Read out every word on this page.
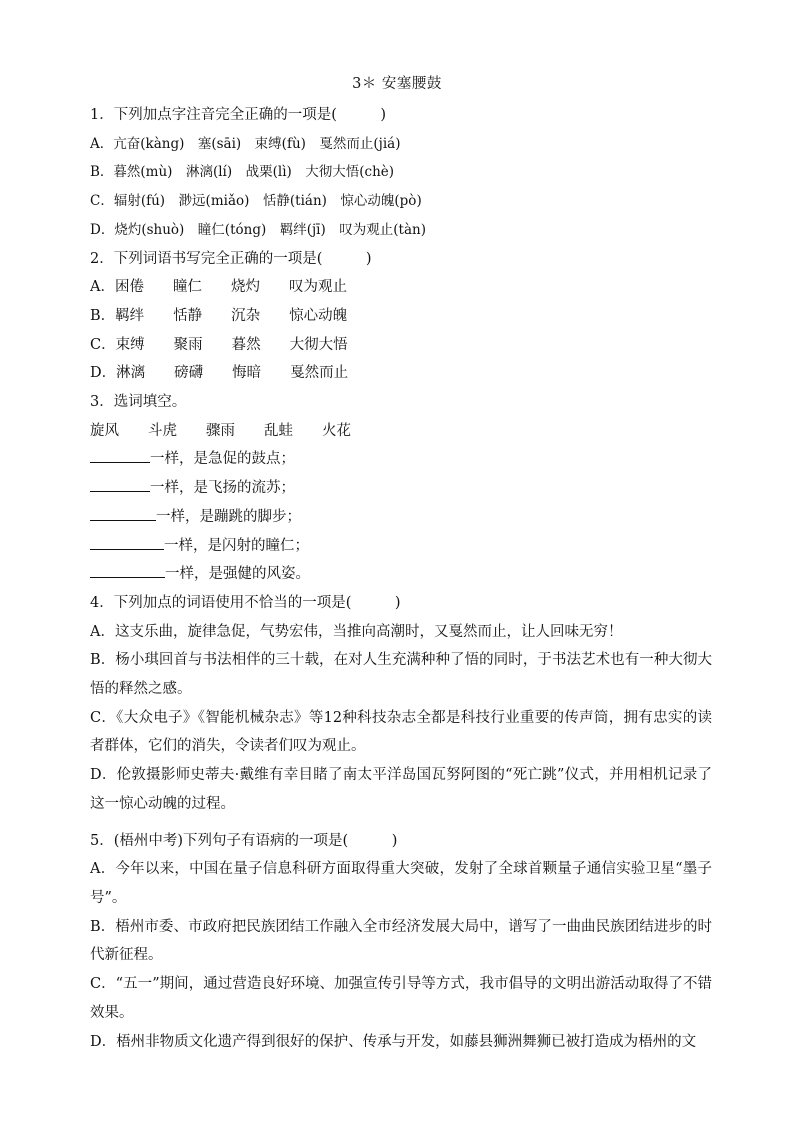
3＊ 安塞腰鼓
1．下列加点字注音完全正确的一项是(　　　)
A．亢奋(kàng)　塞(sāi)　束缚(fù)　戛然而止(jiá)
B．暮然(mù)　淋漓(lí)　战栗(lì)　大彻大悟(chè)
C．辐射(fú)　渺远(miǎo)　恬静(tián)　惊心动魄(pò)
D．烧灼(shuò)　瞳仁(tóng)　羁绊(jī)　叹为观止(tàn)
2．下列词语书写完全正确的一项是(　　　)
A．困倦　　瞳仁　　烧灼　　叹为观止
B．羁绊　　恬静　　沉杂　　惊心动魄
C．束缚　　聚雨　　暮然　　大彻大悟
D．淋漓　　磅礴　　悔暗　　戛然而止
3．选词填空。
旋风　　斗虎　　骤雨　　乱蛙　　火花
一样，是急促的鼓点；
一样，是飞扬的流苏；
一样，是蹦跳的脚步；
一样，是闪射的瞳仁；
一样，是强健的风姿。
4．下列加点的词语使用不恰当的一项是(　　　)
A．这支乐曲，旋律急促，气势宏伟，当推向高潮时，又戛然而止，让人回味无穷！
B．杨小琪回首与书法相伴的三十载，在对人生充满种种了悟的同时，于书法艺术也有一种大彻大悟的释然之感。
C．《大众电子》《智能机械杂志》等12种科技杂志全都是科技行业重要的传声筒，拥有忠实的读者群体，它们的消失，令读者们叹为观止。
D．伦敦摄影师史蒂夫·戴维有幸目睹了南太平洋岛国瓦努阿图的“死亡跳”仪式，并用相机记录了这一惊心动魄的过程。
5．(梧州中考)下列句子有语病的一项是(　　　)
A．今年以来，中国在量子信息科研方面取得重大突破，发射了全球首颗量子通信实验卫星“墨子号”。
B．梧州市委、市政府把民族团结工作融入全市经济发展大局中，谱写了一曲曲民族团结进步的时代新征程。
C．“五一”期间，通过营造良好环境、加强宣传引导等方式，我市倡导的文明出游活动取得了不错效果。
D．梧州非物质文化遗产得到很好的保护、传承与开发，如藤县狮洲舞狮已被打造成为梧州的文
